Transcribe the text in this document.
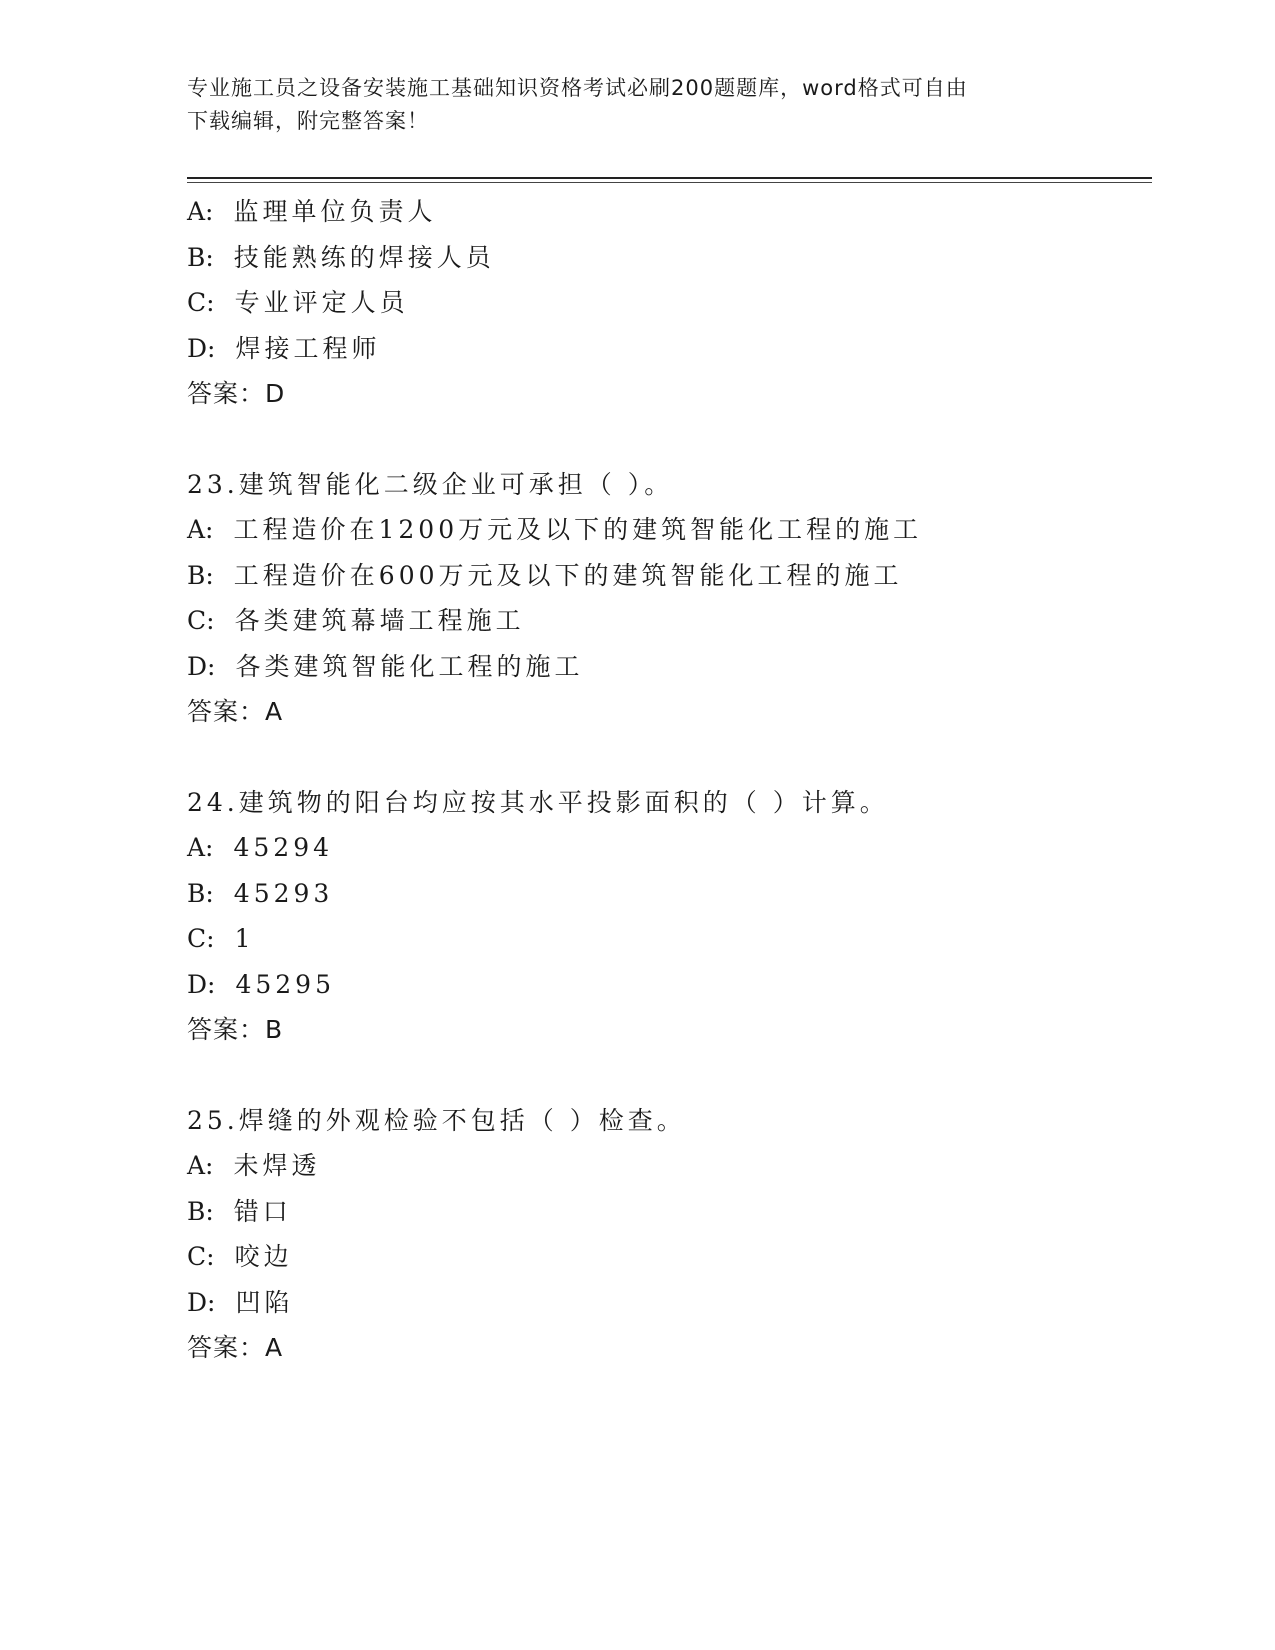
专业施工员之设备安装施工基础知识资格考试必刷200题题库，word格式可自由
下载编辑，附完整答案！
A: 监理单位负责人
B: 技能熟练的焊接人员
C: 专业评定人员
D: 焊接工程师
答案：D
23.建筑智能化二级企业可承担（ ）。
A: 工程造价在1200万元及以下的建筑智能化工程的施工
B: 工程造价在600万元及以下的建筑智能化工程的施工
C: 各类建筑幕墙工程施工
D: 各类建筑智能化工程的施工
答案：A
24.建筑物的阳台均应按其水平投影面积的（ ）计算。
A: 45294
B: 45293
C: 1
D: 45295
答案：B
25.焊缝的外观检验不包括（ ）检查。
A: 未焊透
B: 错口
C: 咬边
D: 凹陷
答案：A
